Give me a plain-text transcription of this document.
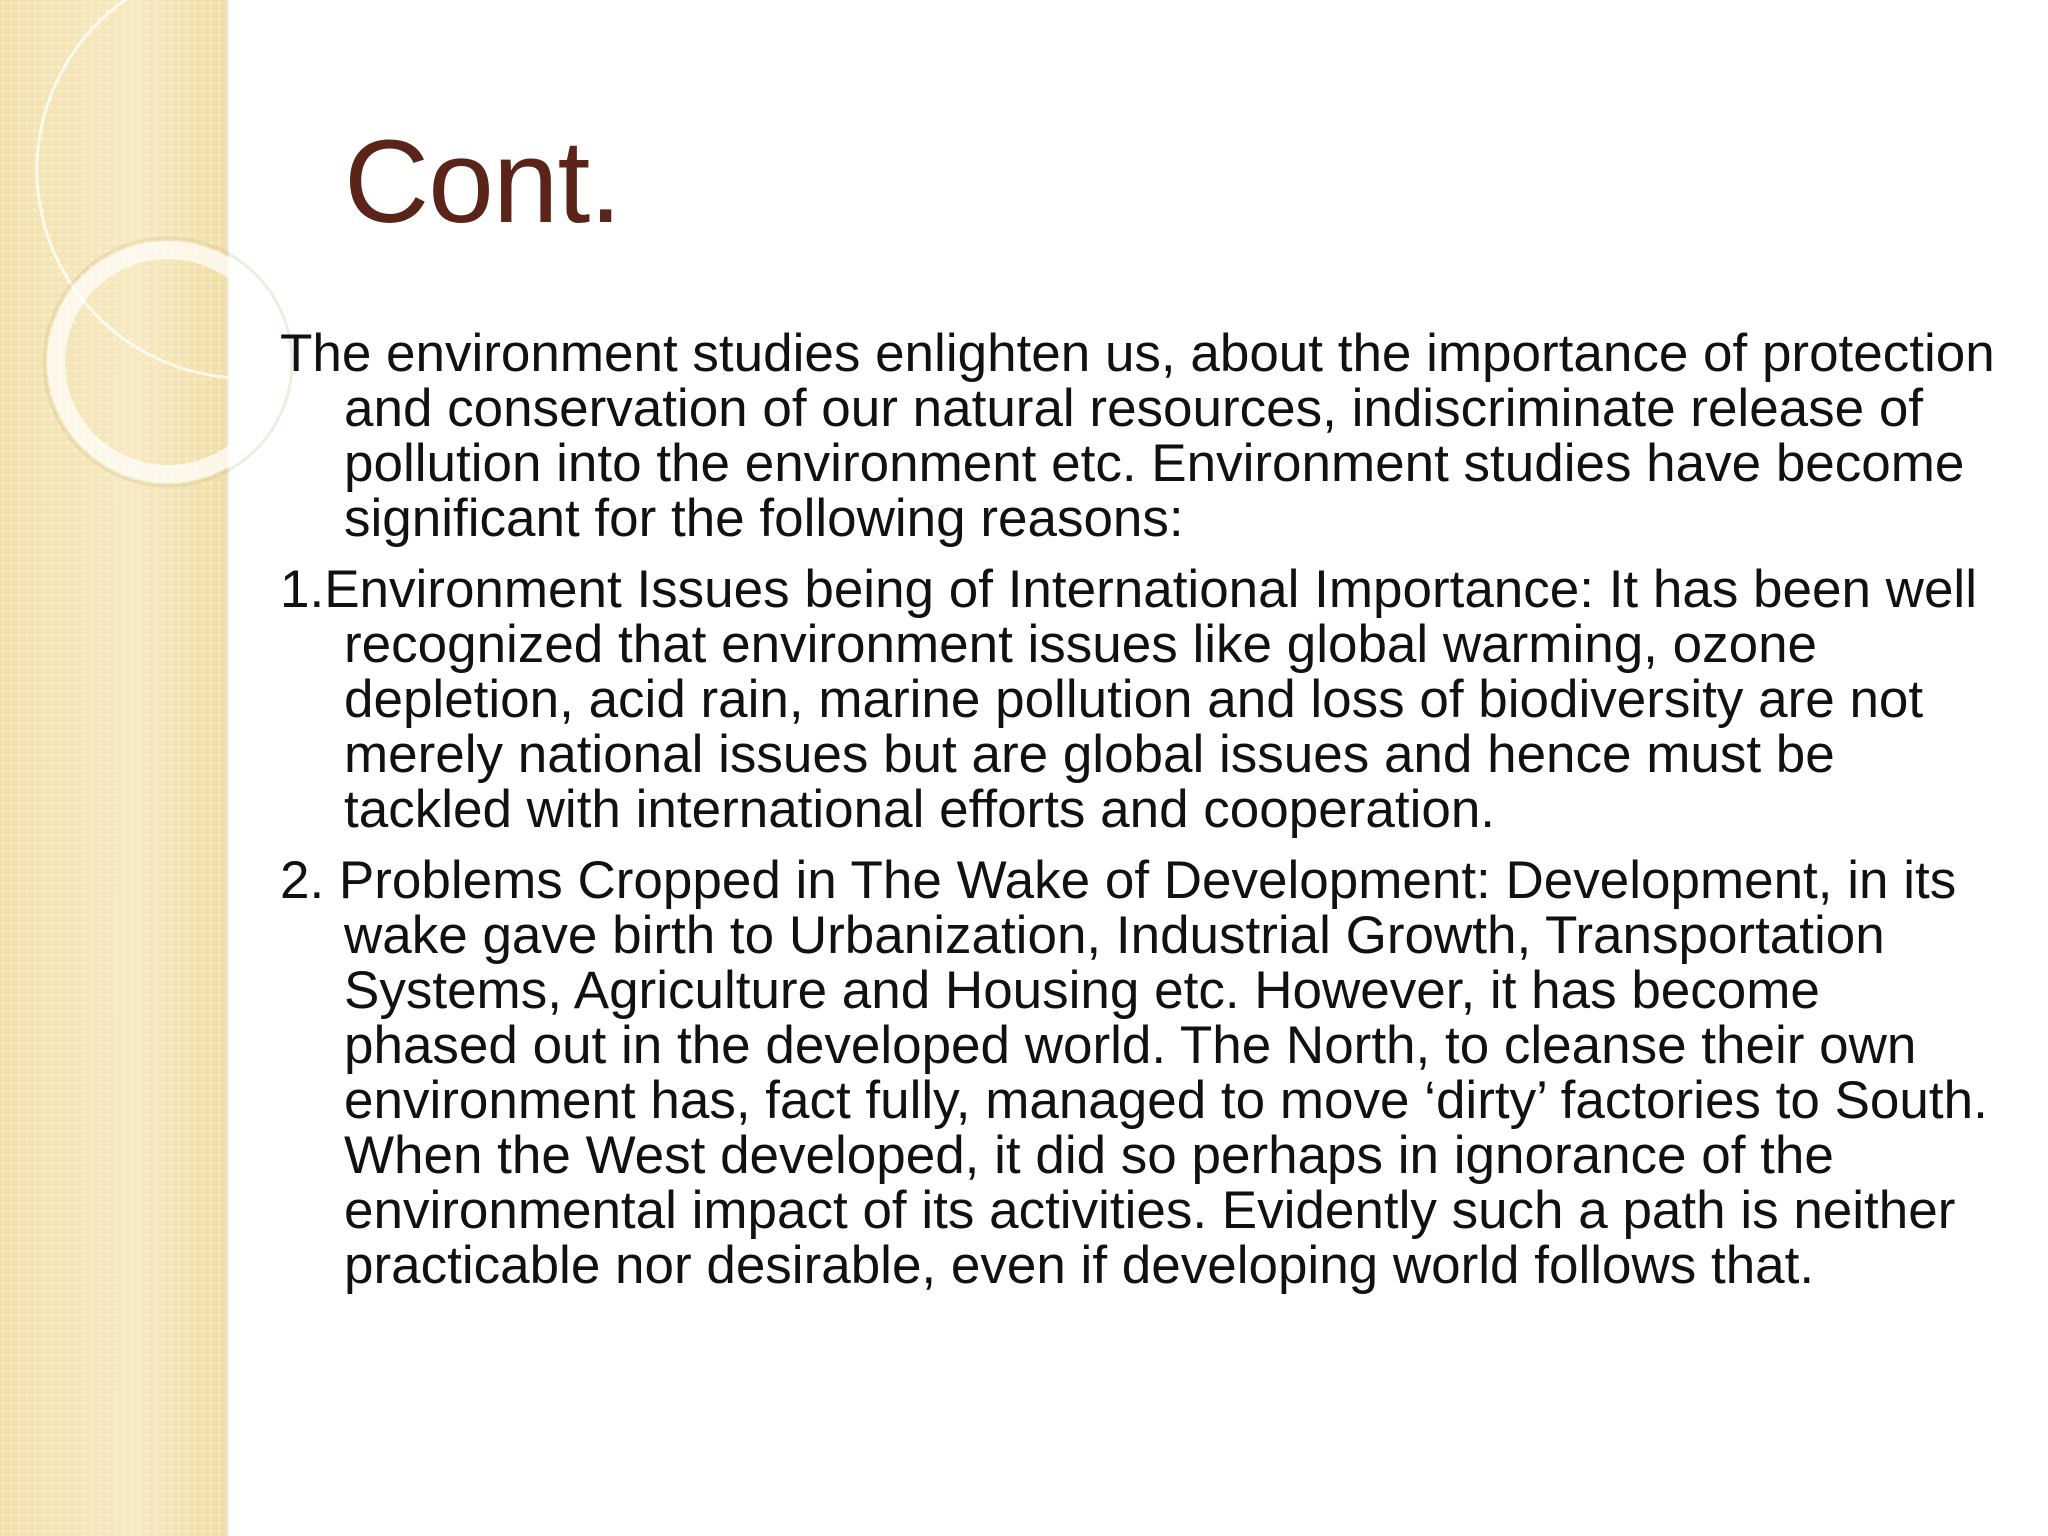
Cont.

The environment studies enlighten us, about the importance of protection and conservation of our natural resources, indiscriminate release of pollution into the environment etc. Environment studies have become significant for the following reasons:

1.Environment Issues being of International Importance: It has been well recognized that environment issues like global warming, ozone depletion, acid rain, marine pollution and loss of biodiversity are not merely national issues but are global issues and hence must be tackled with international efforts and cooperation.

2. Problems Cropped in The Wake of Development: Development, in its wake gave birth to Urbanization, Industrial Growth, Transportation Systems, Agriculture and Housing etc. However, it has become phased out in the developed world. The North, to cleanse their own environment has, fact fully, managed to move ‘dirty’ factories to South. When the West developed, it did so perhaps in ignorance of the environmental impact of its activities. Evidently such a path is neither practicable nor desirable, even if developing world follows that.
